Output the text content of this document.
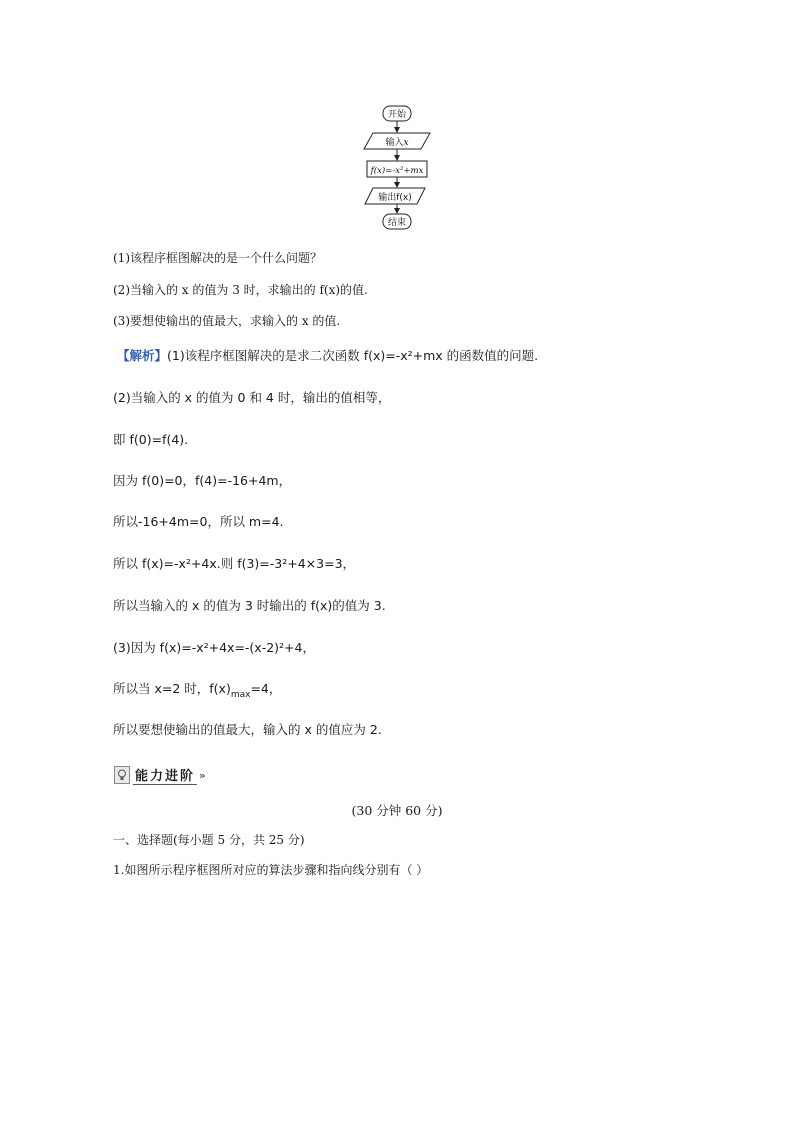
开始
输入x
f(x)=-x²+mx
输出f(x)
结束
(1)该程序框图解决的是一个什么问题？
(2)当输入的 x 的值为 3 时，求输出的 f(x)的值.
(3)要想使输出的值最大，求输入的 x 的值.
【解析】(1)该程序框图解决的是求二次函数 f(x)=-x²+mx 的函数值的问题.
(2)当输入的 x 的值为 0 和 4 时，输出的值相等，
即 f(0)=f(4).
因为 f(0)=0，f(4)=-16+4m，
所以-16+4m=0，所以 m=4.
所以 f(x)=-x²+4x.则 f(3)=-3²+4×3=3，
所以当输入的 x 的值为 3 时输出的 f(x)的值为 3.
(3)因为 f(x)=-x²+4x=-(x-2)²+4，
所以当 x=2 时，$f(x)_{max}=4$，
所以要想使输出的值最大，输入的 x 的值应为 2.
能力进阶 »
(30 分钟 60 分)
一、选择题(每小题 5 分，共 25 分)
1.如图所示程序框图所对应的算法步骤和指向线分别有（ ）
